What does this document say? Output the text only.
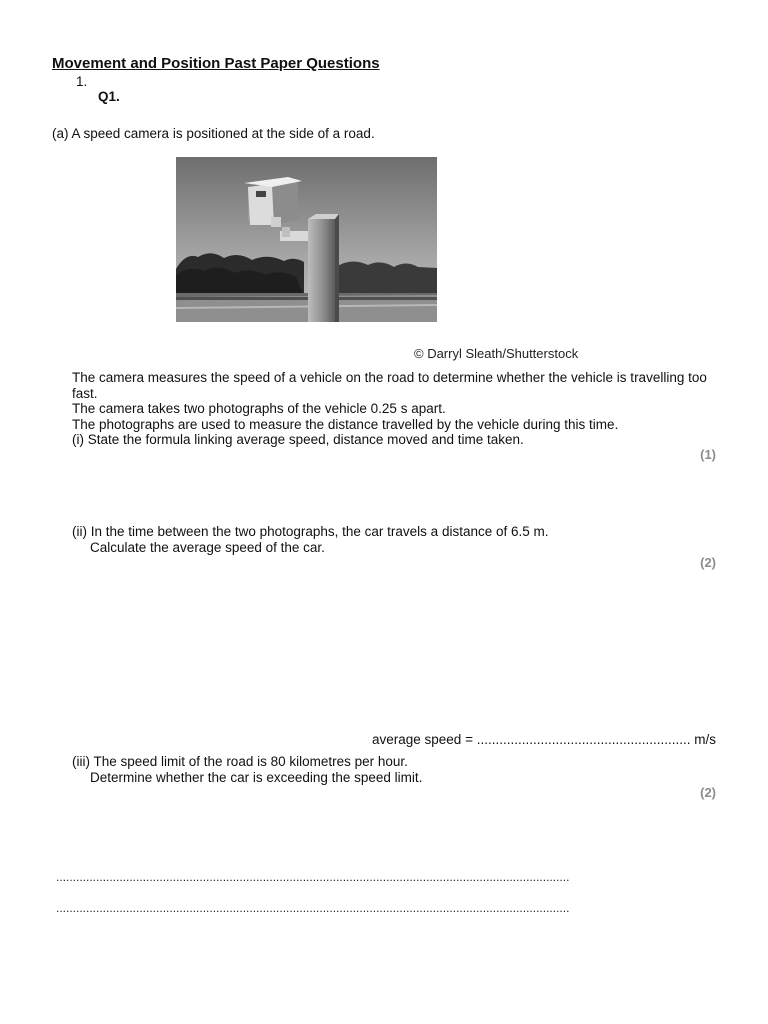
Movement and Position Past Paper Questions
1.
Q1.
(a) A speed camera is positioned at the side of a road.
© Darryl Sleath/Shutterstock

The camera measures the speed of a vehicle on the road to determine whether the vehicle is travelling too fast.

The camera takes two photographs of the vehicle 0.25 s apart.

The photographs are used to measure the distance travelled by the vehicle during this time.

(i) State the formula linking average speed, distance moved and time taken.

(1)
(ii) In the time between the two photographs, the car travels a distance of 6.5 m.
Calculate the average speed of the car.
(2)
average speed = ......................................................... m/s
(iii) The speed limit of the road is 80 kilometres per hour.
Determine whether the car is exceeding the speed limit.
(2)
..........................................................................................................................................................
..........................................................................................................................................................
